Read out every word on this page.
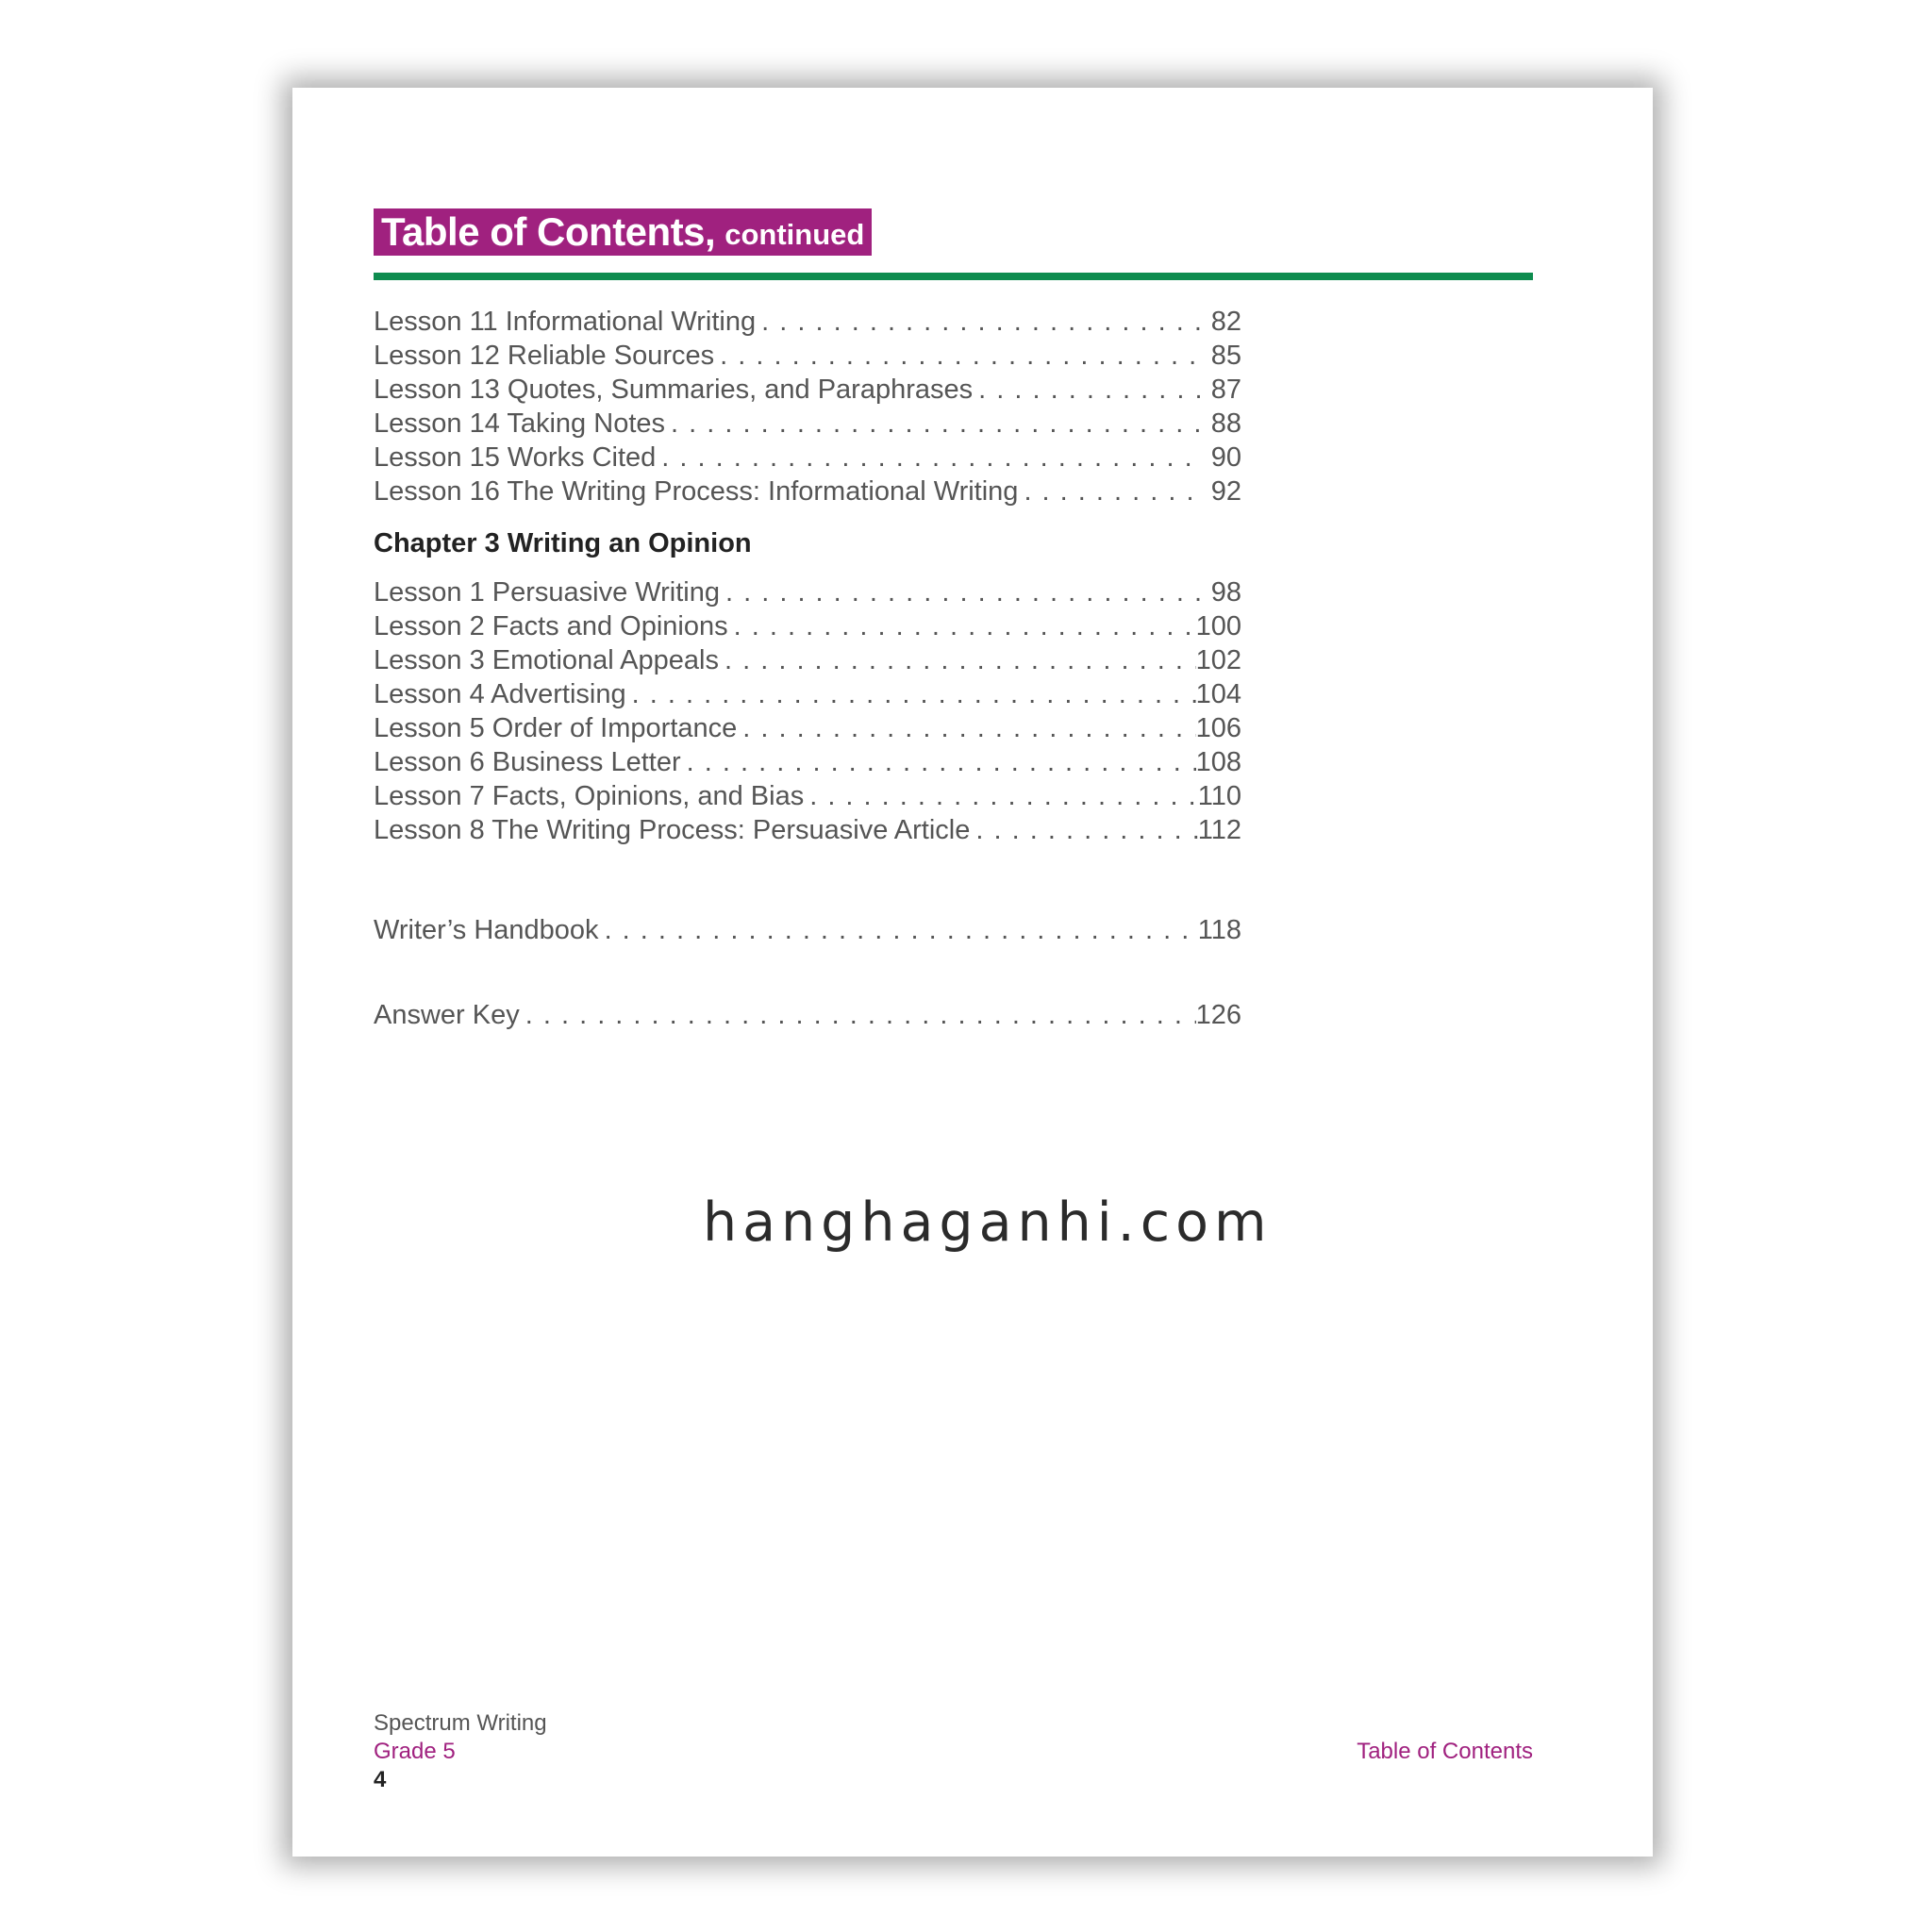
Table of Contents, continued
Lesson 11 Informational Writing . . .	82
Lesson 12 Reliable Sources . . .	85
Lesson 13 Quotes, Summaries, and Paraphrases . . .	87
Lesson 14 Taking Notes . . .	88
Lesson 15 Works Cited . . .	90
Lesson 16 The Writing Process: Informational Writing . . .	92
Chapter 3 Writing an Opinion
Lesson 1 Persuasive Writing . . .	98
Lesson 2 Facts and Opinions . . .	100
Lesson 3 Emotional Appeals . . .	102
Lesson 4 Advertising . . .	104
Lesson 5 Order of Importance . . .	106
Lesson 6 Business Letter . . .	108
Lesson 7 Facts, Opinions, and Bias . . .	110
Lesson 8 The Writing Process: Persuasive Article . . .	112
Writer’s Handbook . . .	118
Answer Key . . .	126
hanghaganhi.com
Spectrum Writing
Grade 5
4
Table of Contents
